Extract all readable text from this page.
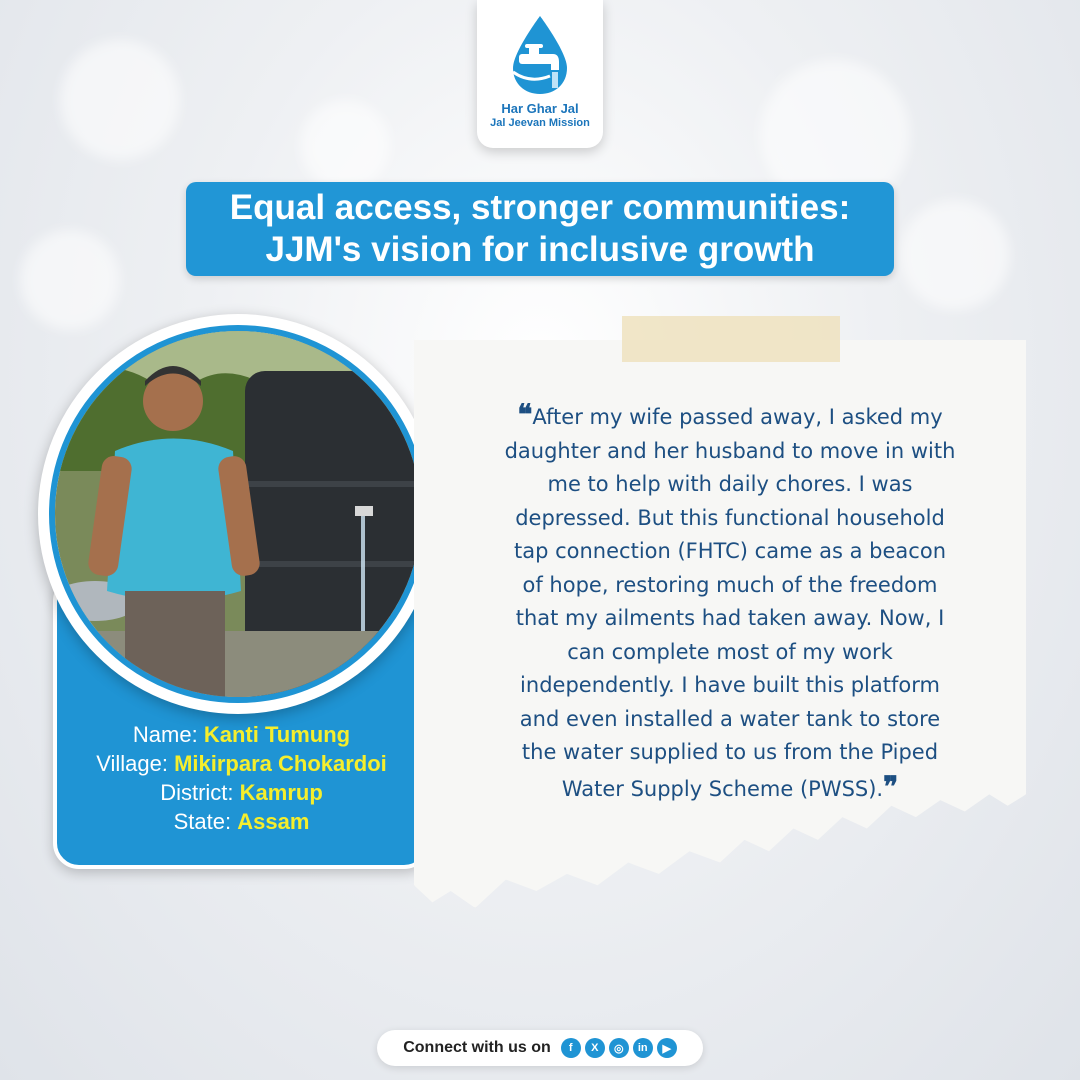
Har Ghar Jal
Jal Jeevan Mission
Equal access, stronger communities:
JJM's vision for inclusive growth
Name: Kanti Tumung
Village: Mikirpara Chokardoi
District: Kamrup
State: Assam
❝After my wife passed away, I asked my
daughter and her husband to move in with
me to help with daily chores. I was
depressed. But this functional household
tap connection (FHTC) came as a beacon
of hope, restoring much of the freedom
that my ailments had taken away. Now, I
can complete most of my work
independently. I have built this platform
and even installed a water tank to store
the water supplied to us from the Piped
Water Supply Scheme (PWSS).❞
Connect with us on	f	X	◎	in	▶
